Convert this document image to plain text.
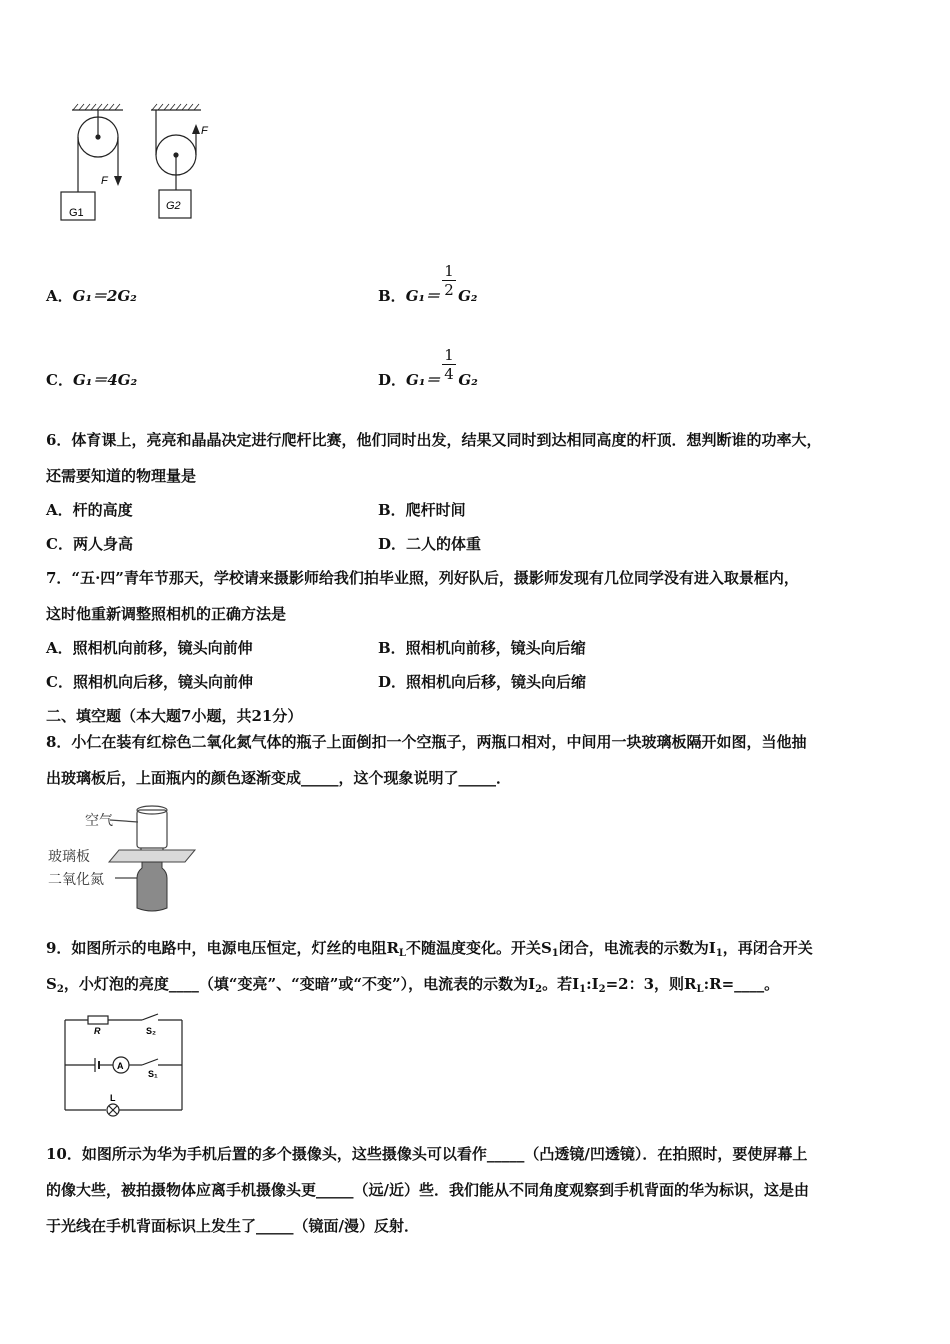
F
F
G1
G2
A．G₁＝2G₂	B．G₁＝ G₂
$\frac{1}{2}$
C．G₁＝4G₂	D．G₁＝ G₂
$\frac{1}{4}$
6．体育课上，亮亮和晶晶决定进行爬杆比赛，他们同时出发，结果又同时到达相同高度的杆顶．想判断谁的功率大，
还需要知道的物理量是
A．杆的高度	B．爬杆时间
C．两人身高	D．二人的体重
7．“五·四”青年节那天，学校请来摄影师给我们拍毕业照，列好队后，摄影师发现有几位同学没有进入取景框内，
这时他重新调整照相机的正确方法是
A．照相机向前移，镜头向前伸	B．照相机向前移，镜头向后缩
C．照相机向后移，镜头向前伸	D．照相机向后移，镜头向后缩
二、填空题（本大题7小题，共21分）
8．小仁在装有红棕色二氧化氮气体的瓶子上面倒扣一个空瓶子，两瓶口相对，中间用一块玻璃板隔开如图，当他抽
出玻璃板后，上面瓶内的颜色逐渐变成_____，这个现象说明了_____．
空气
玻璃板
二氧化氮
9．如图所示的电路中，电源电压恒定，灯丝的电阻$R_L$不随温度变化。开关$S_1$闭合，电流表的示数为$I_1$，再闭合开关
$S_2$，小灯泡的亮度____（填“变亮”、“变暗”或“不变”），电流表的示数为$I_2$。若$I_1:I_2=2$：3，则$R_L:R=\_\_\_\_$。
R	S₂
A
S₁
L
10．如图所示为华为手机后置的多个摄像头，这些摄像头可以看作_____（凸透镜/凹透镜）．在拍照时，要使屏幕上
的像大些，被拍摄物体应离手机摄像头更_____（远/近）些．我们能从不同角度观察到手机背面的华为标识，这是由
于光线在手机背面标识上发生了_____（镜面/漫）反射．
